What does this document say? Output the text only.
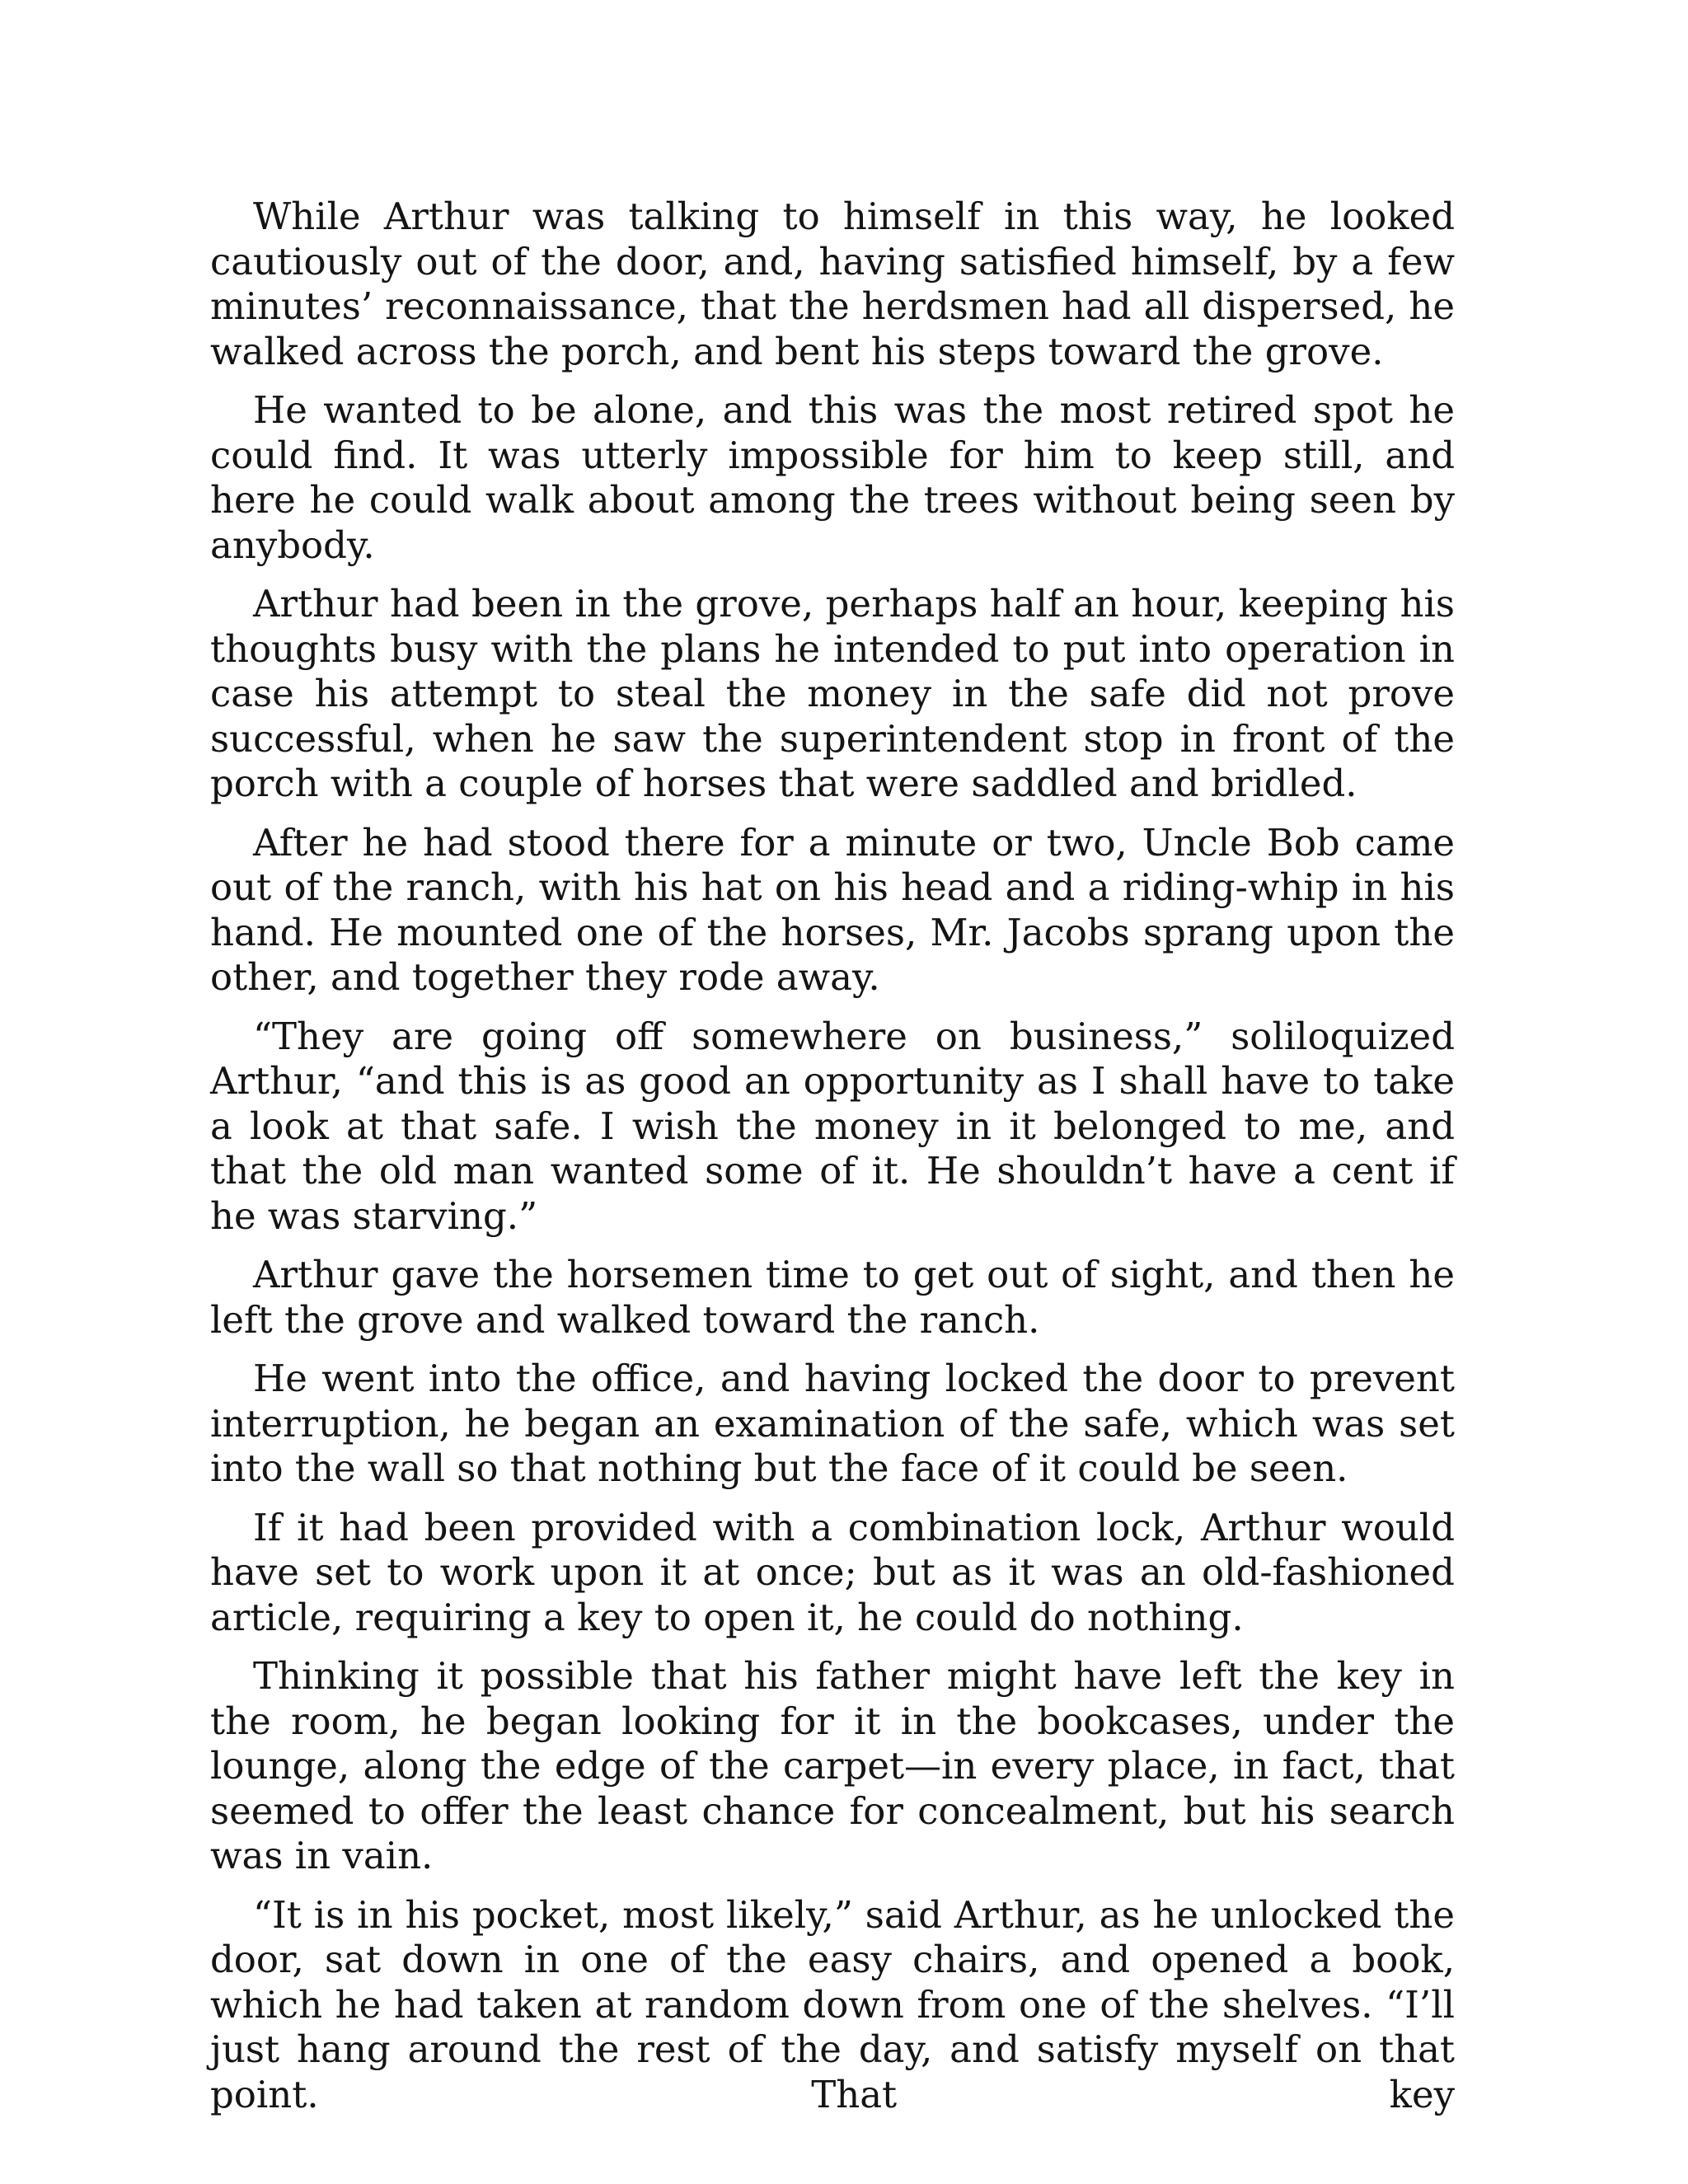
While Arthur was talking to himself in this way, he looked cautiously out of the door, and, having satisfied himself, by a few minutes’ reconnaissance, that the herdsmen had all dispersed, he walked across the porch, and bent his steps toward the grove.

He wanted to be alone, and this was the most retired spot he could find. It was utterly impossible for him to keep still, and here he could walk about among the trees without being seen by anybody.

Arthur had been in the grove, perhaps half an hour, keeping his thoughts busy with the plans he intended to put into operation in case his attempt to steal the money in the safe did not prove successful, when he saw the superintendent stop in front of the porch with a couple of horses that were saddled and bridled.

After he had stood there for a minute or two, Uncle Bob came out of the ranch, with his hat on his head and a riding-whip in his hand. He mounted one of the horses, Mr. Jacobs sprang upon the other, and together they rode away.

“They are going off somewhere on business,” soliloquized Arthur, “and this is as good an opportunity as I shall have to take a look at that safe. I wish the money in it belonged to me, and that the old man wanted some of it. He shouldn’t have a cent if he was starving.”

Arthur gave the horsemen time to get out of sight, and then he left the grove and walked toward the ranch.

He went into the office, and having locked the door to prevent interruption, he began an examination of the safe, which was set into the wall so that nothing but the face of it could be seen.

If it had been provided with a combination lock, Arthur would have set to work upon it at once; but as it was an old-fashioned article, requiring a key to open it, he could do nothing.

Thinking it possible that his father might have left the key in the room, he began looking for it in the bookcases, under the lounge, along the edge of the carpet—in every place, in fact, that seemed to offer the least chance for concealment, but his search was in vain.

“It is in his pocket, most likely,” said Arthur, as he unlocked the door, sat down in one of the easy chairs, and opened a book, which he had taken at random down from one of the shelves. “I’ll just hang around the rest of the day, and satisfy myself on that point. That key
